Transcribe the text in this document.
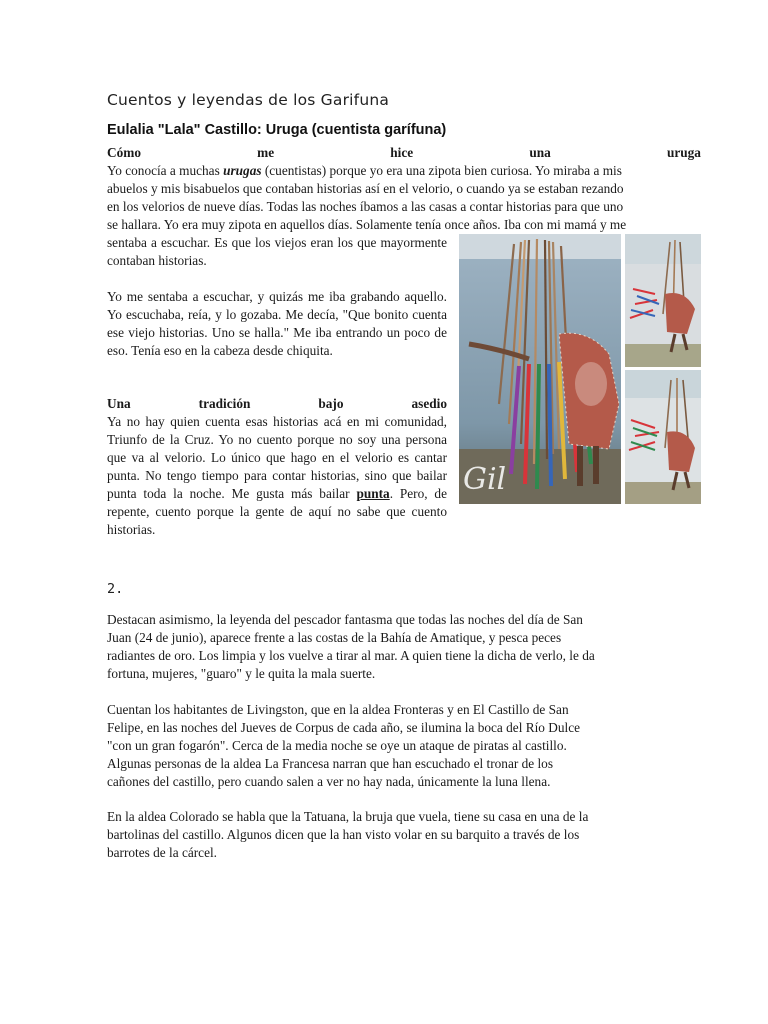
Cuentos y leyendas de los Garifuna
Eulalia "Lala" Castillo: Uruga (cuentista garífuna)
Cómo	me	hice	una	uruga
Yo conocía a muchas urugas (cuentistas) porque yo era una zipota bien curiosa. Yo miraba a mis
abuelos y mis bisabuelos que contaban historias así en el velorio, o cuando ya se estaban rezando
en los velorios de nueve días. Todas las noches íbamos a las casas a contar historias para que uno
se hallara. Yo era muy zipota en aquellos días. Solamente tenía once años. Iba con mi mamá y me

sentaba a escuchar. Es que los viejos eran los que mayormente contaban historias.

Yo me sentaba a escuchar, y quizás me iba grabando aquello. Yo escuchaba, reía, y lo gozaba. Me decía, "Que bonito cuenta ese viejo historias. Uno se halla." Me iba entrando un poco de eso. Tenía eso en la cabeza desde chiquita.

Una	tradición	bajo	asedio

Ya no hay quien cuenta esas historias acá en mi comunidad, Triunfo de la Cruz. Yo no cuento porque no soy una persona que va al velorio. Lo único que hago en el velorio es cantar punta. No tengo tiempo para contar historias, sino que bailar punta toda la noche. Me gusta más bailar punta. Pero, de repente, cuento porque la gente de aquí no sabe que cuento historias.

Gil
2.
Destacan asimismo, la leyenda del pescador fantasma que todas las noches del día de San
Juan (24 de junio), aparece frente a las costas de la Bahía de Amatique, y pesca peces
radiantes de oro. Los limpia y los vuelve a tirar al mar. A quien tiene la dicha de verlo, le da
fortuna, mujeres, "guaro" y le quita la mala suerte.
Cuentan los habitantes de Livingston, que en la aldea Fronteras y en El Castillo de San
Felipe, en las noches del Jueves de Corpus de cada año, se ilumina la boca del Río Dulce
"con un gran fogarón". Cerca de la media noche se oye un ataque de piratas al castillo.
Algunas personas de la aldea La Francesa narran que han escuchado el tronar de los
cañones del castillo, pero cuando salen a ver no hay nada, únicamente la luna llena.
En la aldea Colorado se habla que la Tatuana, la bruja que vuela, tiene su casa en una de la
bartolinas del castillo. Algunos dicen que la han visto volar en su barquito a través de los
barrotes de la cárcel.
